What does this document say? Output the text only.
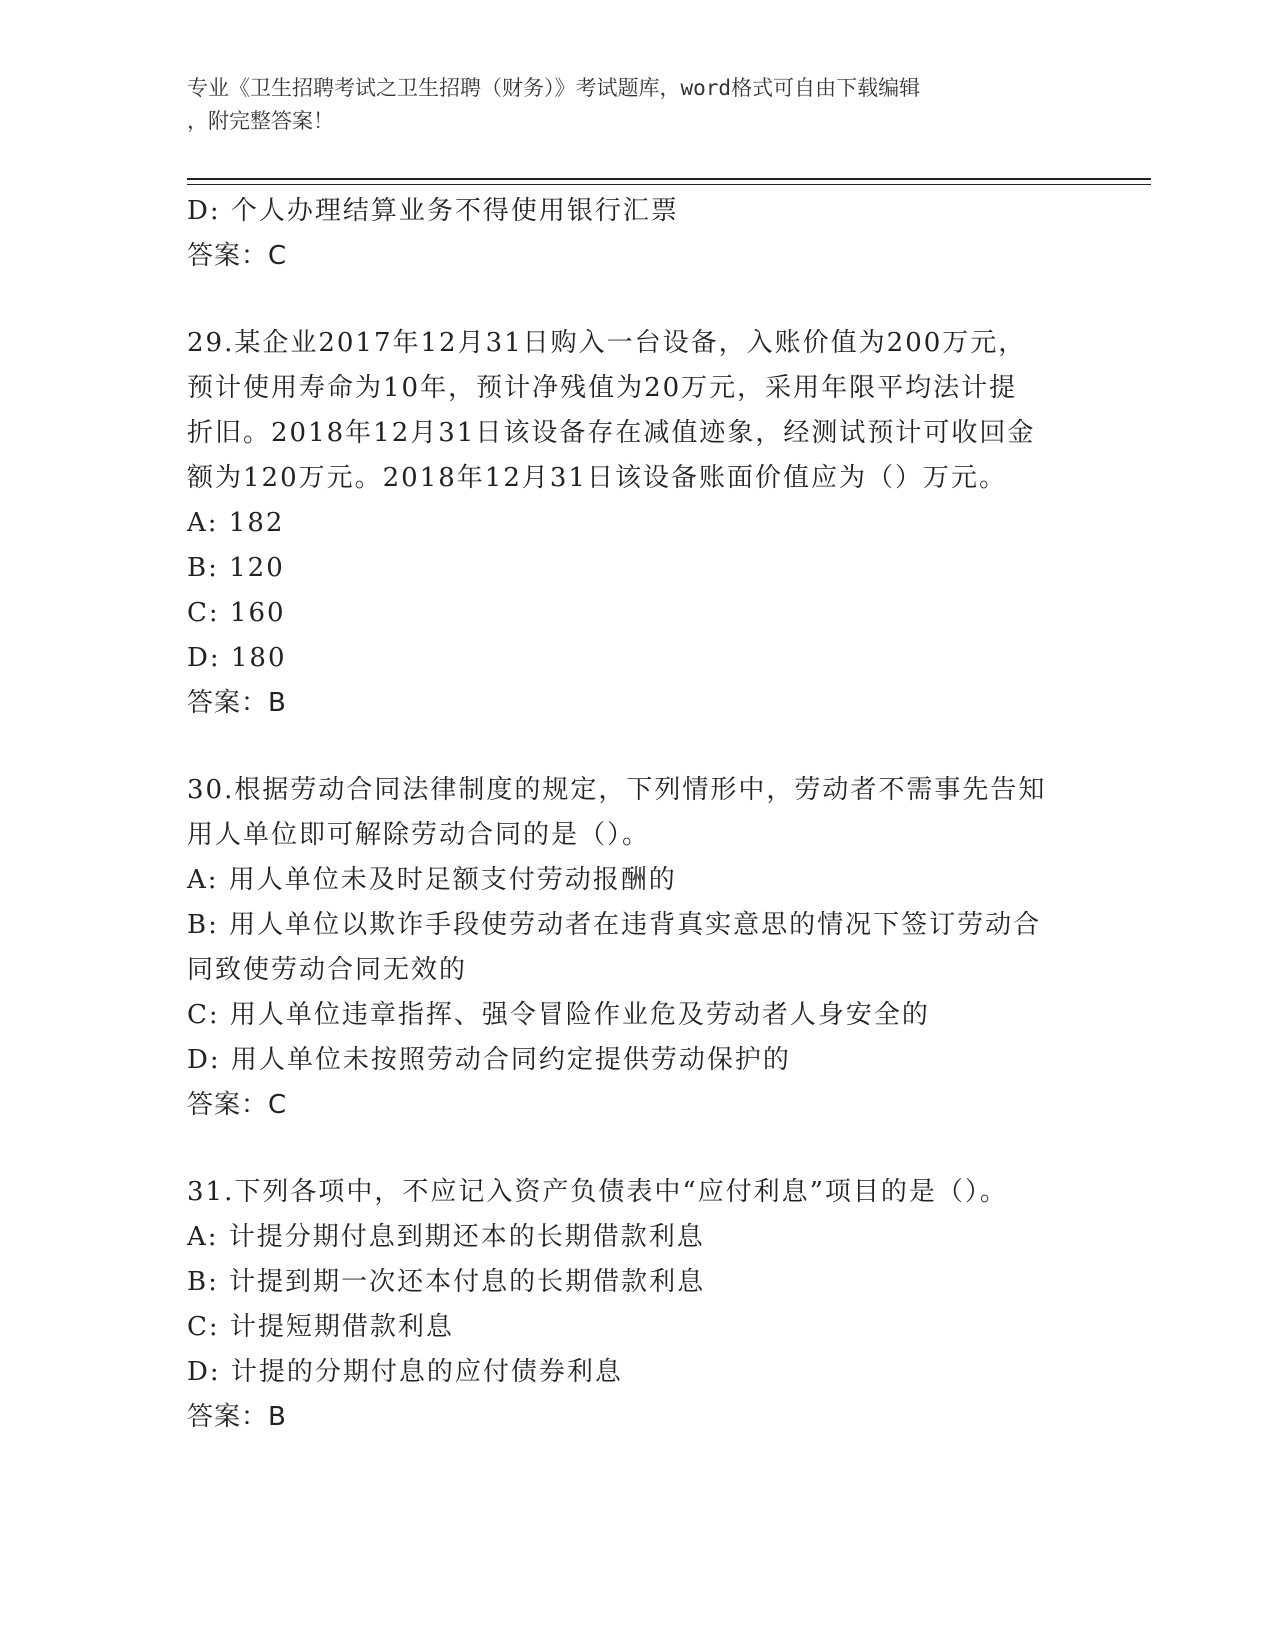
专业《卫生招聘考试之卫生招聘（财务）》考试题库，word格式可自由下载编辑
，附完整答案！
D: 个人办理结算业务不得使用银行汇票
答案：C
29.某企业2017年12月31日购入一台设备，入账价值为200万元，
预计使用寿命为10年，预计净残值为20万元，采用年限平均法计提
折旧。2018年12月31日该设备存在减值迹象，经测试预计可收回金
额为120万元。2018年12月31日该设备账面价值应为（）万元。
A: 182
B: 120
C: 160
D: 180
答案：B
30.根据劳动合同法律制度的规定，下列情形中，劳动者不需事先告知
用人单位即可解除劳动合同的是（）。
A: 用人单位未及时足额支付劳动报酬的
B: 用人单位以欺诈手段使劳动者在违背真实意思的情况下签订劳动合
同致使劳动合同无效的
C: 用人单位违章指挥、强令冒险作业危及劳动者人身安全的
D: 用人单位未按照劳动合同约定提供劳动保护的
答案：C
31.下列各项中，不应记入资产负债表中“应付利息”项目的是（）。
A: 计提分期付息到期还本的长期借款利息
B: 计提到期一次还本付息的长期借款利息
C: 计提短期借款利息
D: 计提的分期付息的应付债券利息
答案：B
